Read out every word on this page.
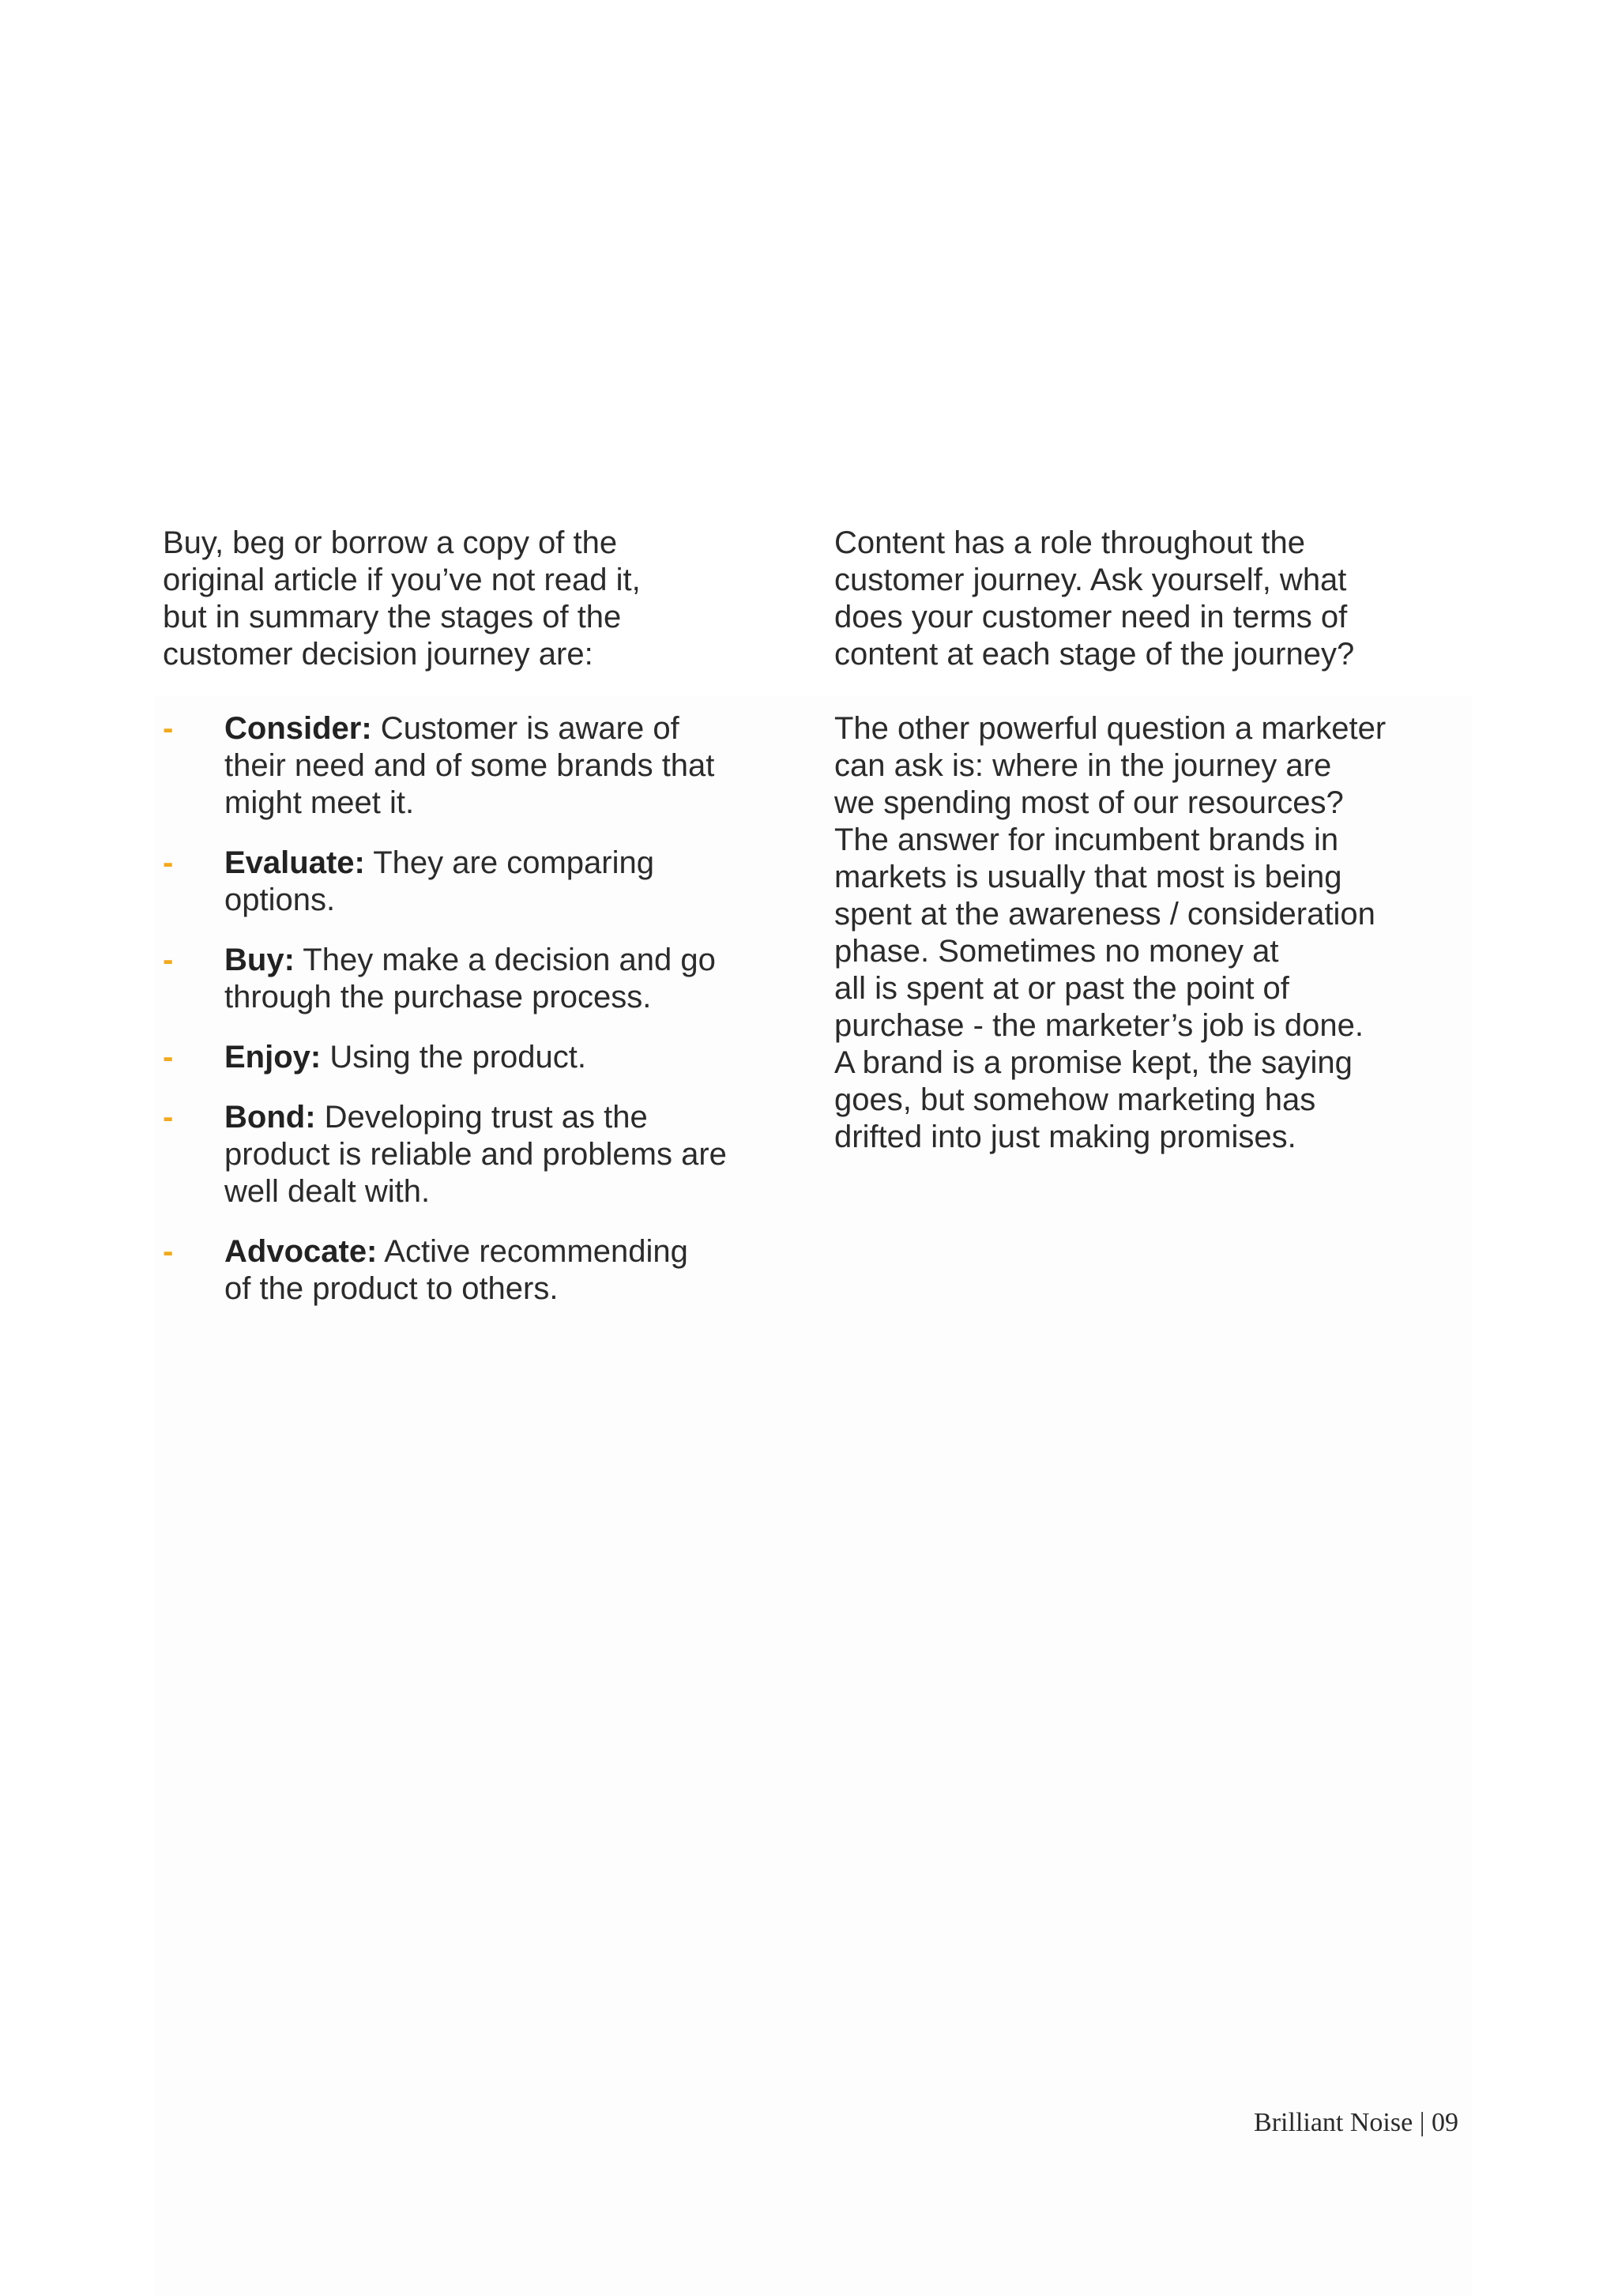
Buy, beg or borrow a copy of the
original article if you’ve not read it,
but in summary the stages of the
customer decision journey are:

- Consider: Customer is aware of
their need and of some brands that
might meet it.
- Evaluate: They are comparing
options.
- Buy: They make a decision and go
through the purchase process.
- Enjoy: Using the product.
- Bond: Developing trust as the
product is reliable and problems are
well dealt with.
- Advocate: Active recommending
of the product to others.

Content has a role throughout the
customer journey. Ask yourself, what
does your customer need in terms of
content at each stage of the journey?

The other powerful question a marketer
can ask is: where in the journey are
we spending most of our resources?
The answer for incumbent brands in
markets is usually that most is being
spent at the awareness / consideration
phase. Sometimes no money at
all is spent at or past the point of
purchase - the marketer’s job is done.
A brand is a promise kept, the saying
goes, but somehow marketing has
drifted into just making promises.

Brilliant Noise | 09
